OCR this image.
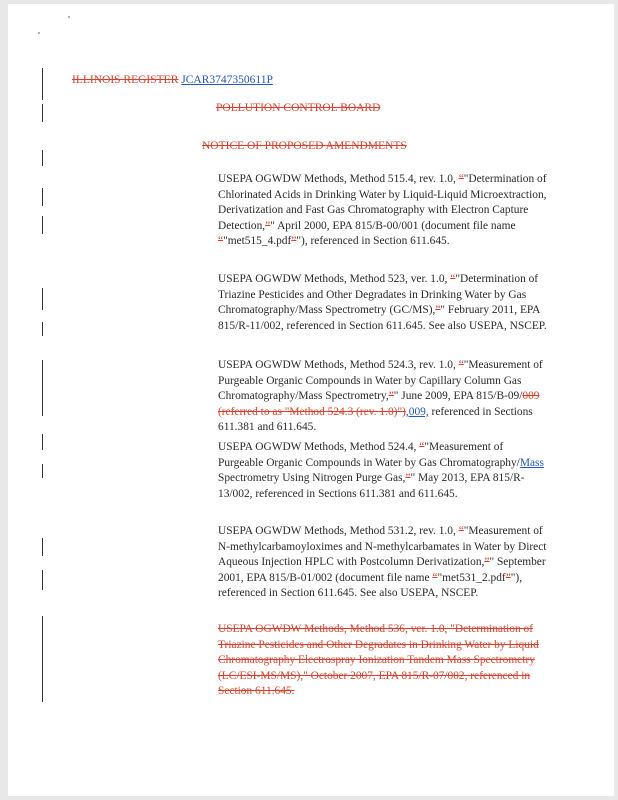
ILLINOIS REGISTER JCAR3747350611P
POLLUTION CONTROL BOARD
NOTICE OF PROPOSED AMENDMENTS

USEPA OGWDW Methods, Method 515.4, rev. 1.0, “"Determination of Chlorinated Acids in Drinking Water by Liquid-Liquid Microextraction, Derivatization and Fast Gas Chromatography with Electron Capture Detection,”" April 2000, EPA 815/B-00/001 (document file name “"met515_4.pdf”"), referenced in Section 611.645.

USEPA OGWDW Methods, Method 523, ver. 1.0, “"Determination of Triazine Pesticides and Other Degradates in Drinking Water by Gas Chromatography/Mass Spectrometry (GC/MS),”" February 2011, EPA 815/R-11/002, referenced in Section 611.645. See also USEPA, NSCEP.

USEPA OGWDW Methods, Method 524.3, rev. 1.0, “"Measurement of Purgeable Organic Compounds in Water by Capillary Column Gas Chromatography/Mass Spectrometry,”" June 2009, EPA 815/B-09/009 (referred to as "Method 524.3 (rev. 1.0)"),009, referenced in Sections 611.381 and 611.645.

USEPA OGWDW Methods, Method 524.4, “"Measurement of Purgeable Organic Compounds in Water by Gas Chromatography/Mass Spectrometry Using Nitrogen Purge Gas,”" May 2013, EPA 815/R-13/002, referenced in Sections 611.381 and 611.645.

USEPA OGWDW Methods, Method 531.2, rev. 1.0, “"Measurement of N-methylcarbamoyloximes and N-methylcarbamates in Water by Direct Aqueous Injection HPLC with Postcolumn Derivatization,”" September 2001, EPA 815/B-01/002 (document file name “"met531_2.pdf”"), referenced in Section 611.645. See also USEPA, NSCEP.

USEPA OGWDW Methods, Method 536, ver. 1.0, "Determination of Triazine Pesticides and Other Degradates in Drinking Water by Liquid Chromatography Electrospray Ionization Tandem Mass Spectrometry (LC/ESI-MS/MS)," October 2007, EPA 815/R-07/002, referenced in Section 611.645.
